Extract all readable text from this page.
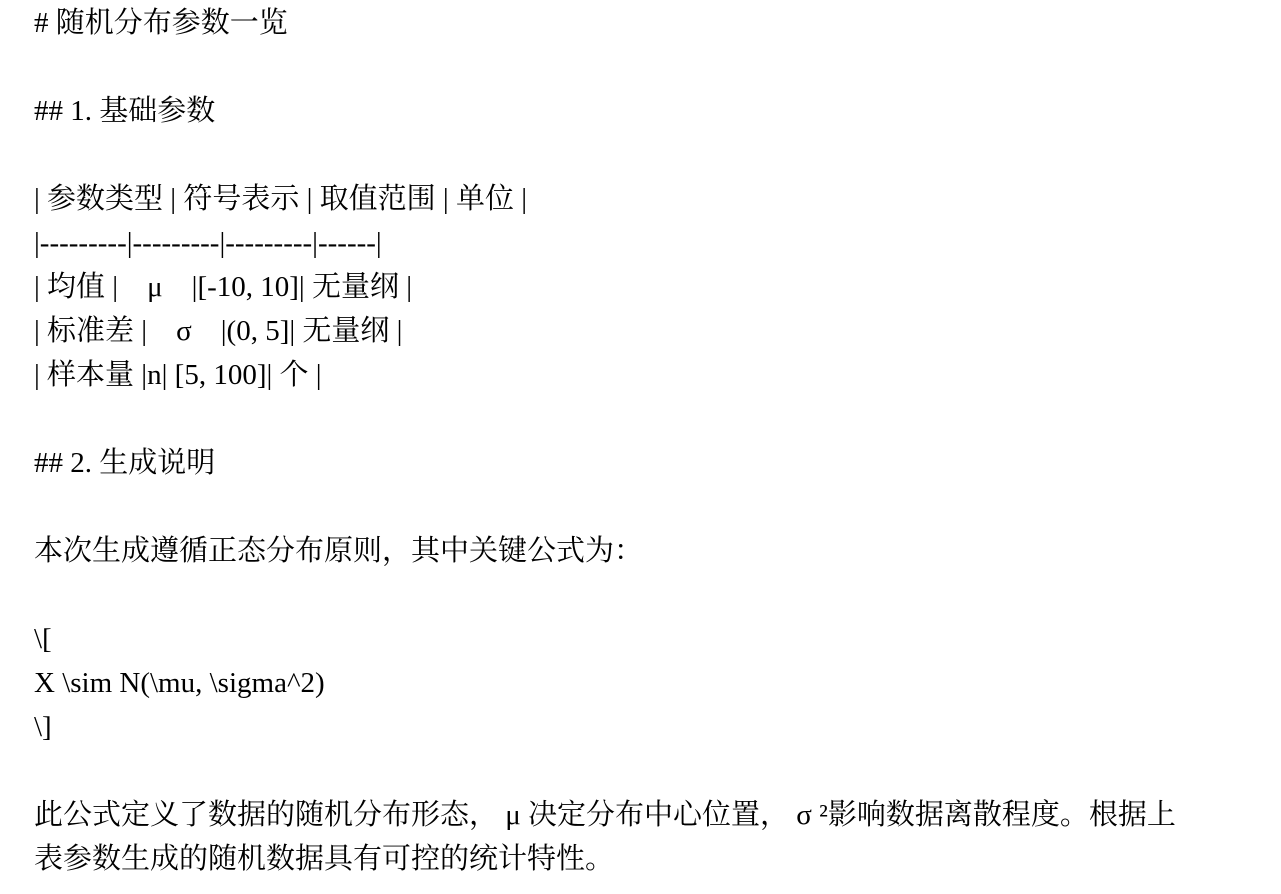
# 随机分布参数一览
## 1. 基础参数
| 参数类型 | 符号表示 | 取值范围 | 单位 |
|---------|---------|---------|------|
| 均值 |　μ　|[-10, 10]| 无量纲 |
| 标准差 |　σ　|(0, 5]| 无量纲 |
| 样本量 |n| [5, 100]| 个 |
## 2. 生成说明
本次生成遵循正态分布原则，其中关键公式为：
\[
X \sim N(\mu, \sigma^2)
\]
此公式定义了数据的随机分布形态， μ 决定分布中心位置， σ ²影响数据离散程度。根据上
表参数生成的随机数据具有可控的统计特性。
